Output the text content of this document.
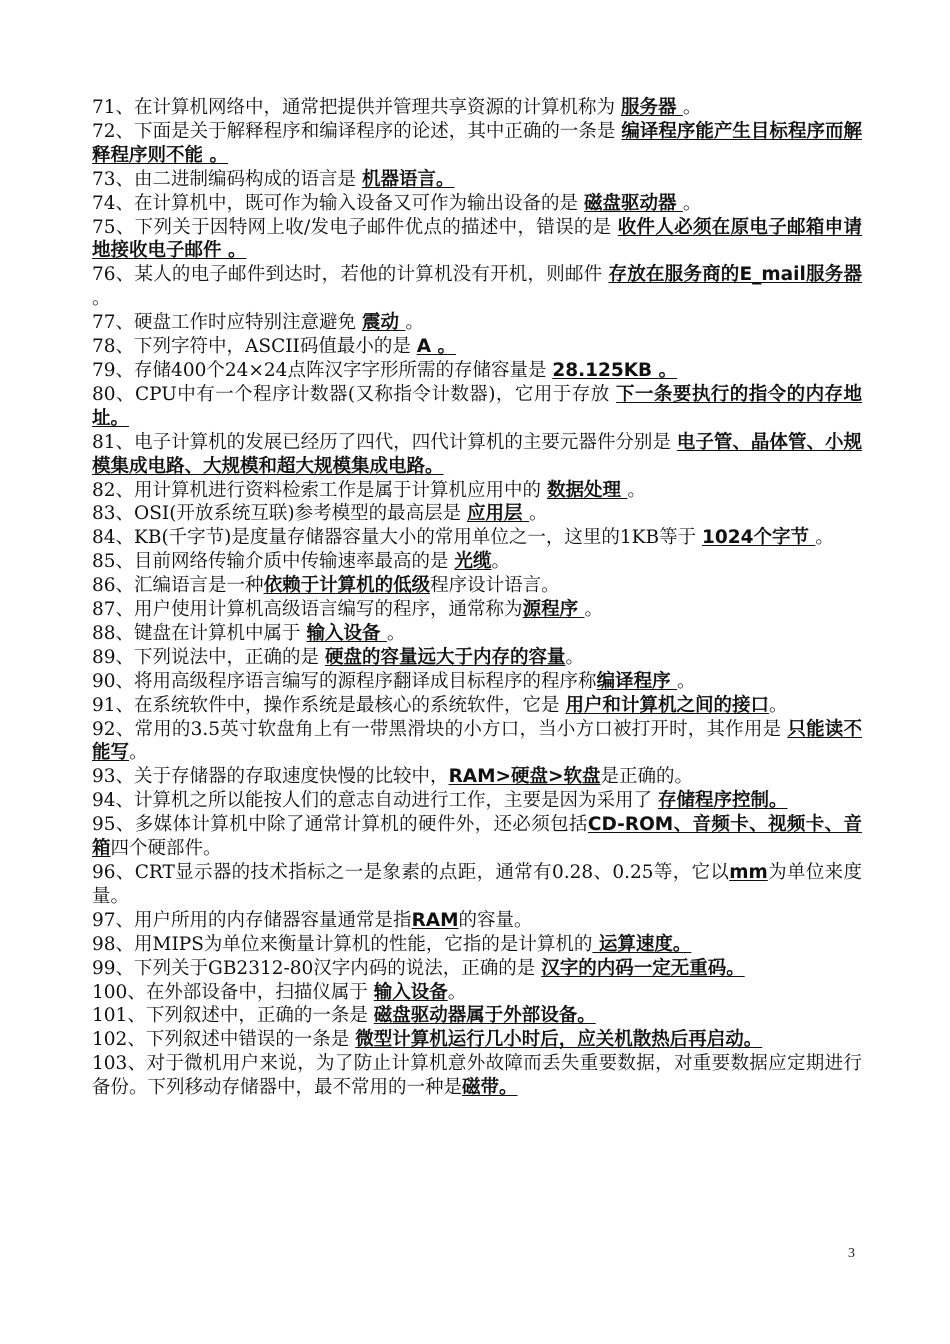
71、在计算机网络中，通常把提供并管理共享资源的计算机称为 服务器 。

72、下面是关于解释程序和编译程序的论述，其中正确的一条是 编译程序能产生目标程序而解释程序则不能 。

73、由二进制编码构成的语言是 机器语言。

74、在计算机中，既可作为输入设备又可作为输出设备的是 磁盘驱动器 。

75、下列关于因特网上收/发电子邮件优点的描述中，错误的是 收件人必须在原电子邮箱申请地接收电子邮件 。

76、某人的电子邮件到达时，若他的计算机没有开机，则邮件 存放在服务商的E_mail服务器 。

77、硬盘工作时应特别注意避免 震动 。

78、下列字符中，ASCII码值最小的是 A 。

79、存储400个24×24点阵汉字字形所需的存储容量是 28.125KB 。

80、CPU中有一个程序计数器(又称指令计数器)，它用于存放 下一条要执行的指令的内存地址。

81、电子计算机的发展已经历了四代，四代计算机的主要元器件分别是 电子管、晶体管、小规模集成电路、大规模和超大规模集成电路。

82、用计算机进行资料检索工作是属于计算机应用中的 数据处理 。

83、OSI(开放系统互联)参考模型的最高层是 应用层 。

84、KB(千字节)是度量存储器容量大小的常用单位之一，这里的1KB等于 1024个字节 。

85、目前网络传输介质中传输速率最高的是 光缆。

86、汇编语言是一种依赖于计算机的低级程序设计语言。

87、用户使用计算机高级语言编写的程序，通常称为源程序 。

88、键盘在计算机中属于 输入设备 。

89、下列说法中，正确的是 硬盘的容量远大于内存的容量。

90、将用高级程序语言编写的源程序翻译成目标程序的程序称编译程序 。

91、在系统软件中，操作系统是最核心的系统软件，它是 用户和计算机之间的接口。

92、常用的3.5英寸软盘角上有一带黑滑块的小方口，当小方口被打开时，其作用是 只能读不能写。

93、关于存储器的存取速度快慢的比较中，RAM>硬盘>软盘是正确的。

94、计算机之所以能按人们的意志自动进行工作，主要是因为采用了 存储程序控制。

95、多媒体计算机中除了通常计算机的硬件外，还必须包括CD-ROM、音频卡、视频卡、音箱四个硬部件。

96、CRT显示器的技术指标之一是象素的点距，通常有0.28、0.25等，它以mm为单位来度量。

97、用户所用的内存储器容量通常是指RAM的容量。

98、用MIPS为单位来衡量计算机的性能，它指的是计算机的 运算速度。

99、下列关于GB2312-80汉字内码的说法，正确的是 汉字的内码一定无重码。

100、在外部设备中，扫描仪属于 输入设备。

101、下列叙述中，正确的一条是 磁盘驱动器属于外部设备。

102、下列叙述中错误的一条是 微型计算机运行几小时后，应关机散热后再启动。

103、对于微机用户来说，为了防止计算机意外故障而丢失重要数据，对重要数据应定期进行备份。下列移动存储器中，最不常用的一种是磁带。

3
